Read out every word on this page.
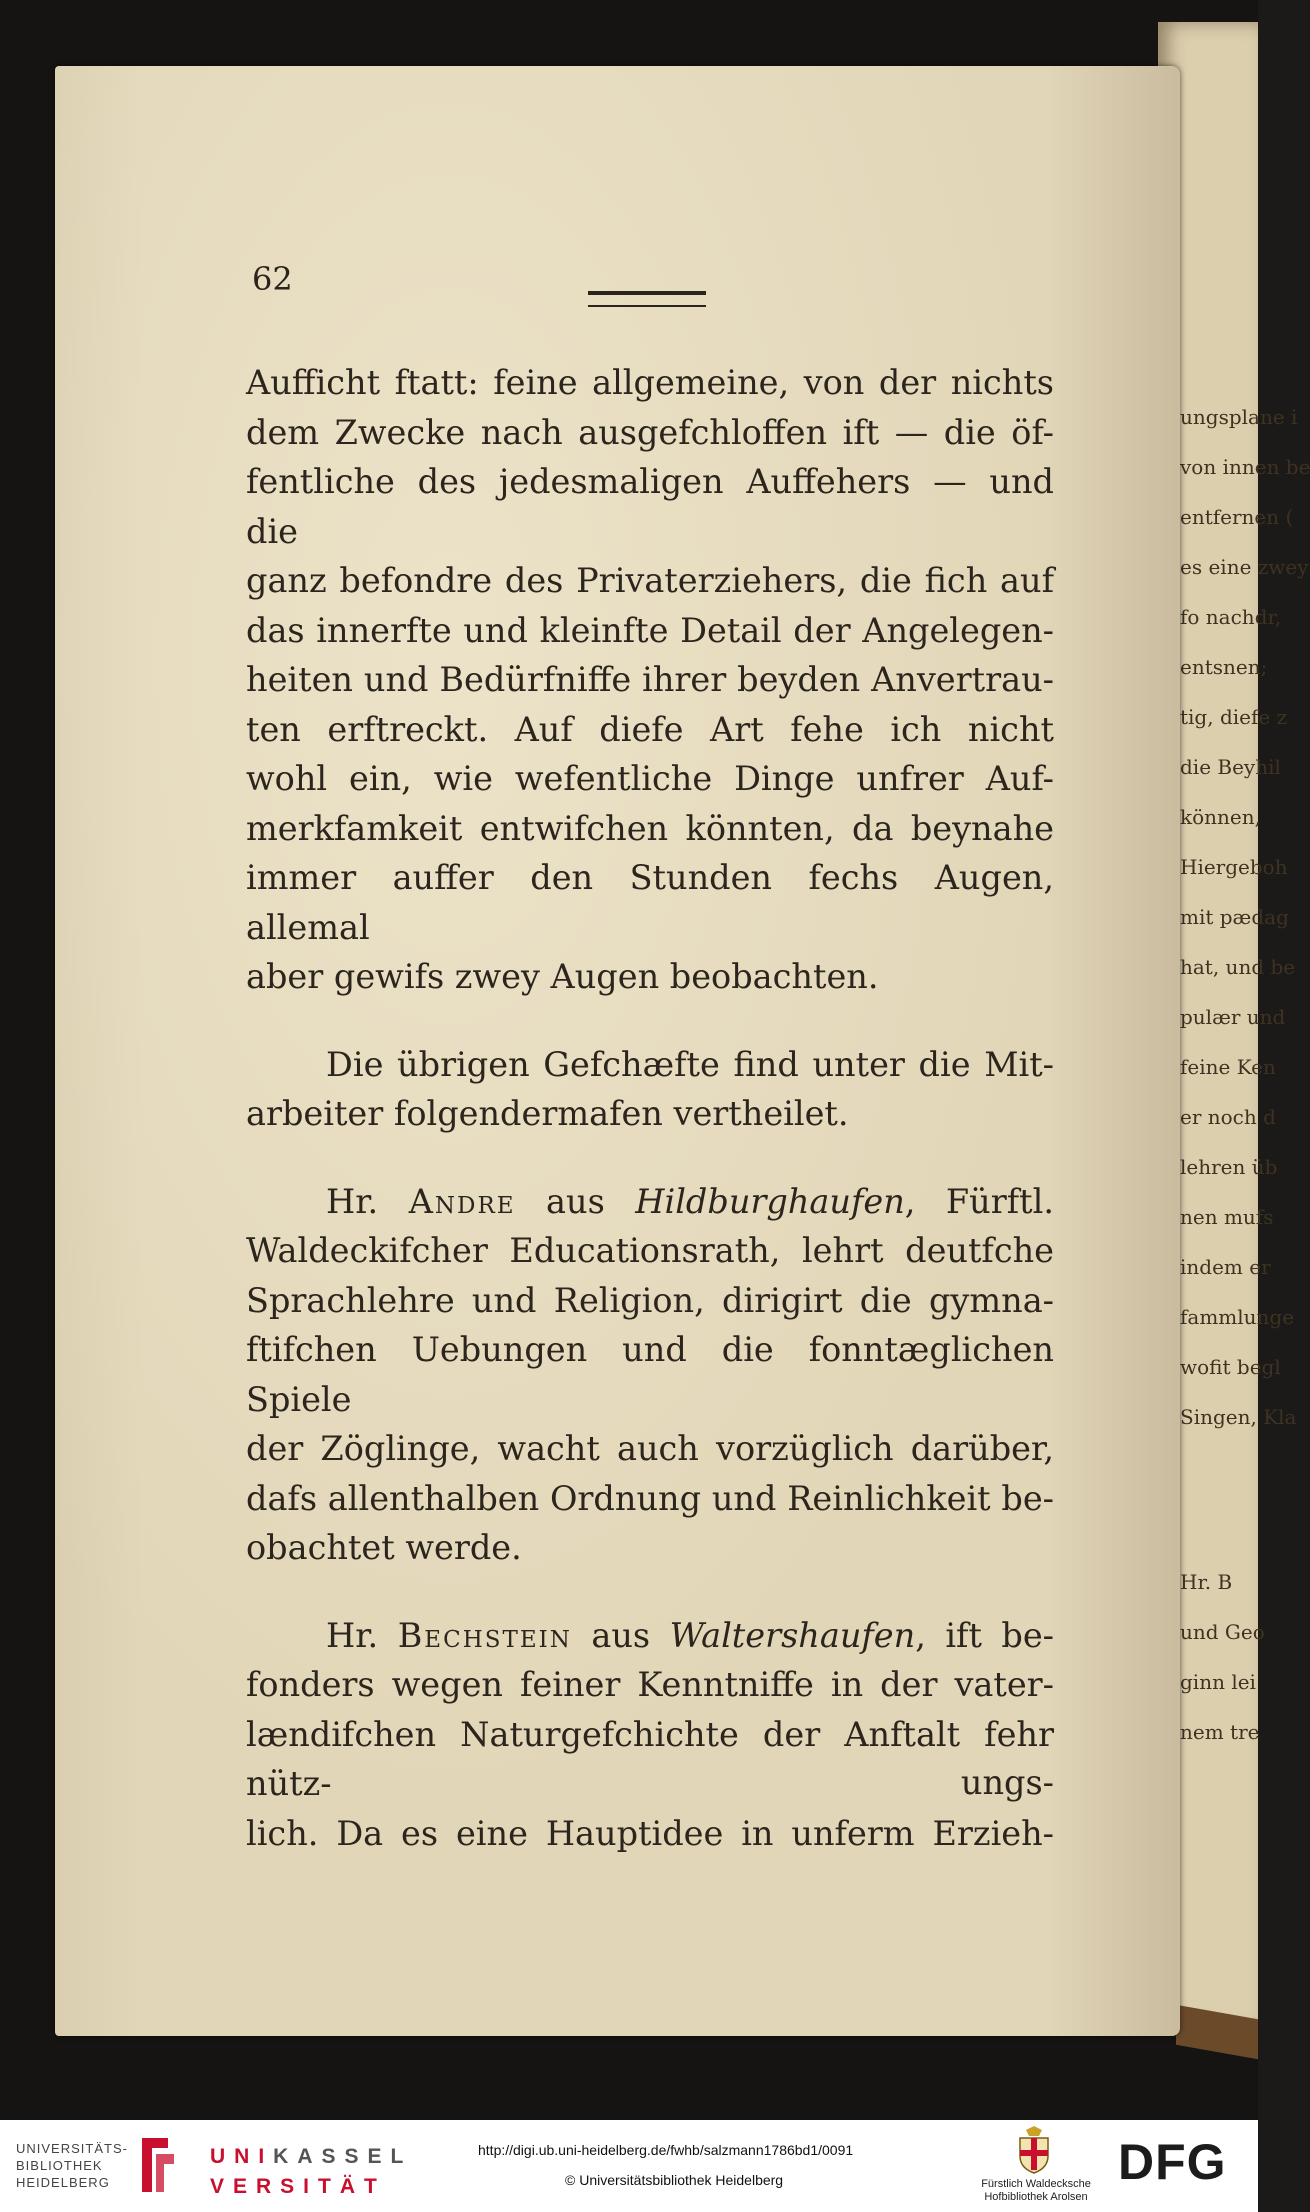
ungsplane i
von innen be
entfernen (
es eine zwey
fo nachdr,
entsnen;
tig, diefe z
die Beyhil
können,
Hiergeboh
mit pædag
hat, und be
pulær und
feine Ken
er noch d
lehren üb
nen mufs
indem er
fammlunge
wofit begl
Singen, Kla
Hr. B
und Geo
ginn lei
nem tre
62

Aufficht ftatt: feine allgemeine, von der nichts

dem Zwecke nach ausgefchloffen ift — die öf-

fentliche des jedesmaligen Auffehers — und die

ganz befondre des Privaterziehers, die fich auf

das innerfte und kleinfte Detail der Angelegen-

heiten und Bedürfniffe ihrer beyden Anvertrau-

ten erftreckt. Auf diefe Art fehe ich nicht

wohl ein, wie wefentliche Dinge unfrer Auf-

merkfamkeit entwifchen könnten, da beynahe

immer auffer den Stunden fechs Augen, allemal

aber gewifs zwey Augen beobachten.

Die übrigen Gefchæfte find unter die Mit-

arbeiter folgendermafen vertheilet.

Hr. Andre aus Hildburghaufen, Fürftl.

Waldeckifcher Educationsrath, lehrt deutfche

Sprachlehre und Religion, dirigirt die gymna-

ftifchen Uebungen und die fonntæglichen Spiele

der Zöglinge, wacht auch vorzüglich darüber,

dafs allenthalben Ordnung und Reinlichkeit be-

obachtet werde.

Hr. Bechstein aus Waltershaufen, ift be-

fonders wegen feiner Kenntniffe in der vater-

lændifchen Naturgefchichte der Anftalt fehr nütz-

lich. Da es eine Hauptidee in unferm Erzieh-

ungs-
UNIVERSITÄTS-
BIBLIOTHEK
HEIDELBERG
UNIKASSEL
VERSITÄT
http://digi.ub.uni-heidelberg.de/fwhb/salzmann1786bd1/0091
© Universitätsbibliothek Heidelberg	Fürstlich Waldecksche
Hofbibliothek Arolsen
DFG
